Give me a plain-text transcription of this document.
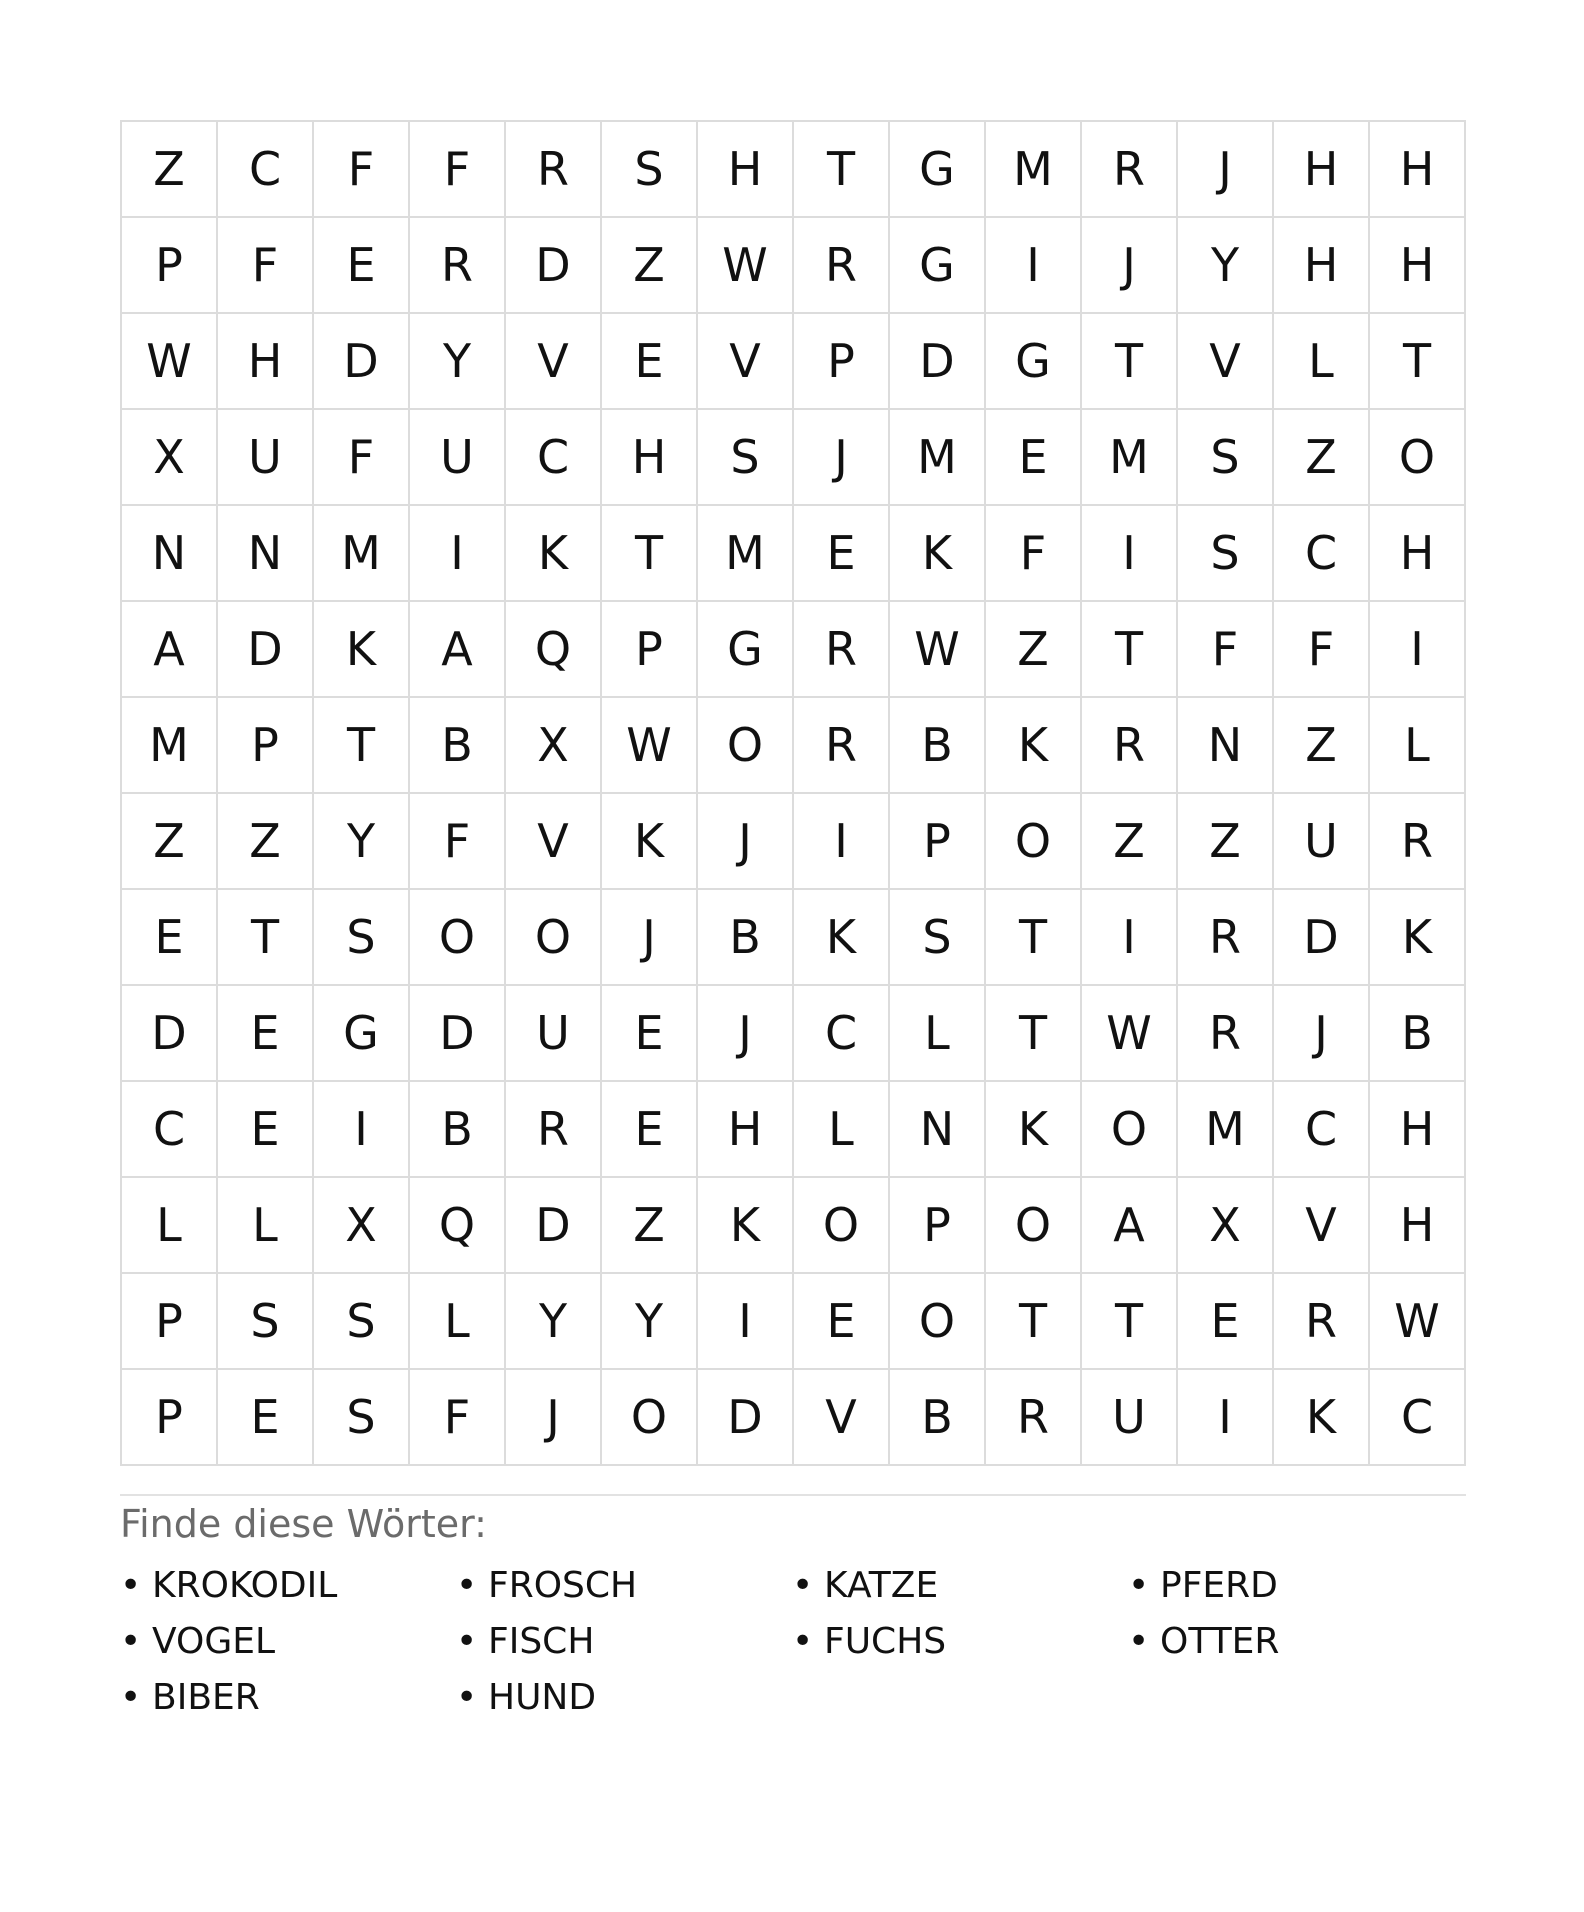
Z	C	F	F	R	S	H	T	G	M	R	J	H	H
P	F	E	R	D	Z	W	R	G	I	J	Y	H	H
W	H	D	Y	V	E	V	P	D	G	T	V	L	T
X	U	F	U	C	H	S	J	M	E	M	S	Z	O
N	N	M	I	K	T	M	E	K	F	I	S	C	H
A	D	K	A	Q	P	G	R	W	Z	T	F	F	I
M	P	T	B	X	W	O	R	B	K	R	N	Z	L
Z	Z	Y	F	V	K	J	I	P	O	Z	Z	U	R
E	T	S	O	O	J	B	K	S	T	I	R	D	K
D	E	G	D	U	E	J	C	L	T	W	R	J	B
C	E	I	B	R	E	H	L	N	K	O	M	C	H
L	L	X	Q	D	Z	K	O	P	O	A	X	V	H
P	S	S	L	Y	Y	I	E	O	T	T	E	R	W
P	E	S	F	J	O	D	V	B	R	U	I	K	C
Finde diese Wörter:
• KROKODIL	• FROSCH	• KATZE	• PFERD
• VOGEL	• FISCH	• FUCHS	• OTTER
• BIBER	• HUND
